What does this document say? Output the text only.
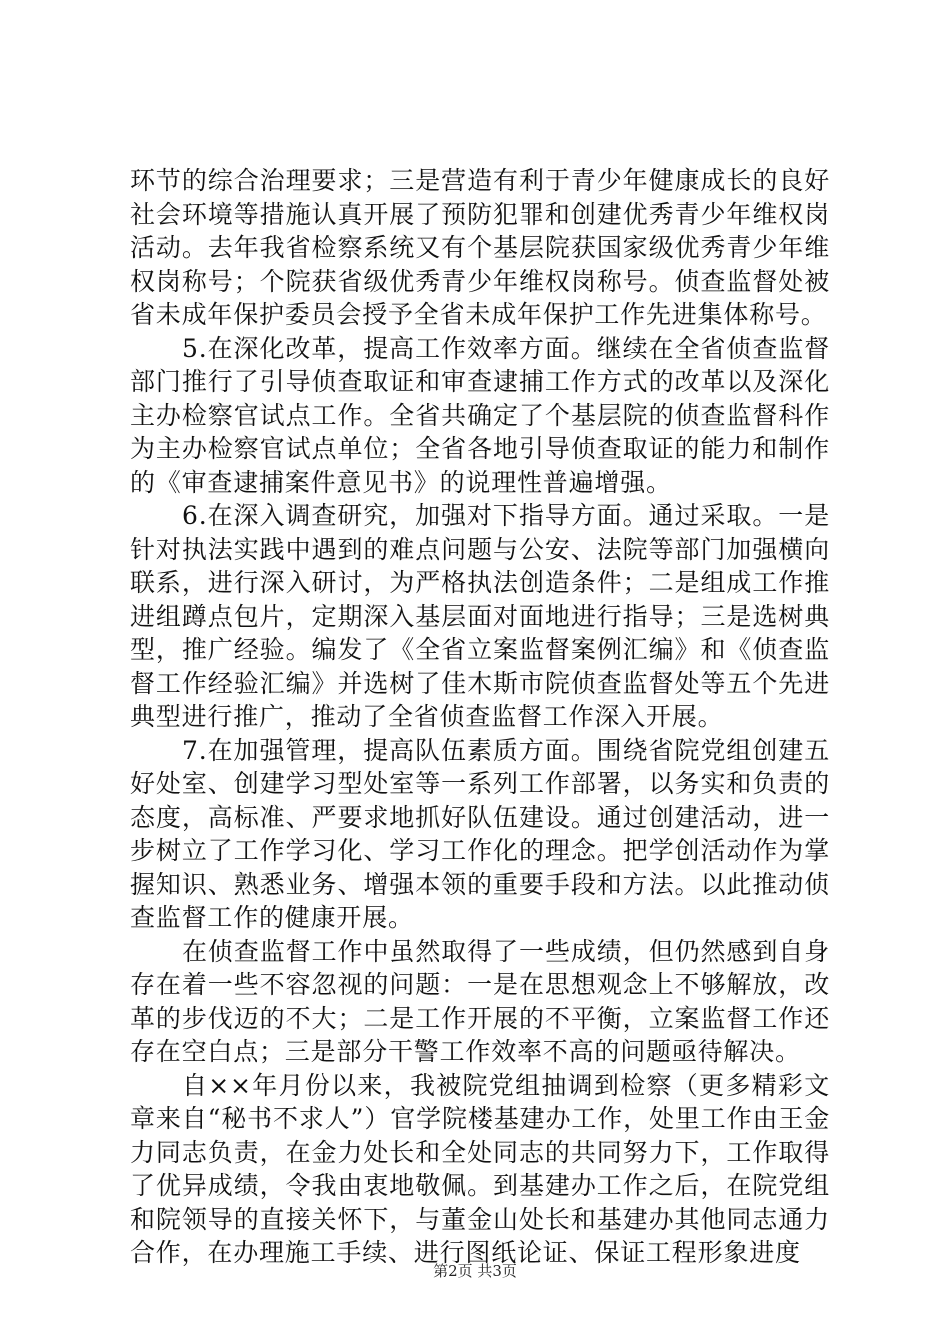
环节的综合治理要求；三是营造有利于青少年健康成长的良好社会环境等措施认真开展了预防犯罪和创建优秀青少年维权岗活动。去年我省检察系统又有个基层院获国家级优秀青少年维权岗称号；个院获省级优秀青少年维权岗称号。侦查监督处被省未成年保护委员会授予全省未成年保护工作先进集体称号。

5.在深化改革，提高工作效率方面。继续在全省侦查监督部门推行了引导侦查取证和审查逮捕工作方式的改革以及深化主办检察官试点工作。全省共确定了个基层院的侦查监督科作为主办检察官试点单位；全省各地引导侦查取证的能力和制作的《审查逮捕案件意见书》的说理性普遍增强。

6.在深入调查研究，加强对下指导方面。通过采取。一是针对执法实践中遇到的难点问题与公安、法院等部门加强横向联系，进行深入研讨，为严格执法创造条件；二是组成工作推进组蹲点包片，定期深入基层面对面地进行指导；三是选树典型，推广经验。编发了《全省立案监督案例汇编》和《侦查监督工作经验汇编》并选树了佳木斯市院侦查监督处等五个先进典型进行推广，推动了全省侦查监督工作深入开展。

7.在加强管理，提高队伍素质方面。围绕省院党组创建五好处室、创建学习型处室等一系列工作部署，以务实和负责的态度，高标准、严要求地抓好队伍建设。通过创建活动，进一步树立了工作学习化、学习工作化的理念。把学创活动作为掌握知识、熟悉业务、增强本领的重要手段和方法。以此推动侦查监督工作的健康开展。

在侦查监督工作中虽然取得了一些成绩，但仍然感到自身存在着一些不容忽视的问题：一是在思想观念上不够解放，改革的步伐迈的不大；二是工作开展的不平衡，立案监督工作还存在空白点；三是部分干警工作效率不高的问题亟待解决。

自××年月份以来，我被院党组抽调到检察（更多精彩文章来自“秘书不求人”）官学院楼基建办工作，处里工作由王金力同志负责，在金力处长和全处同志的共同努力下，工作取得了优异成绩，令我由衷地敬佩。到基建办工作之后，在院党组和院领导的直接关怀下，与董金山处长和基建办其他同志通力合作，在办理施工手续、进行图纸论证、保证工程形象进度

第2页 共3页
